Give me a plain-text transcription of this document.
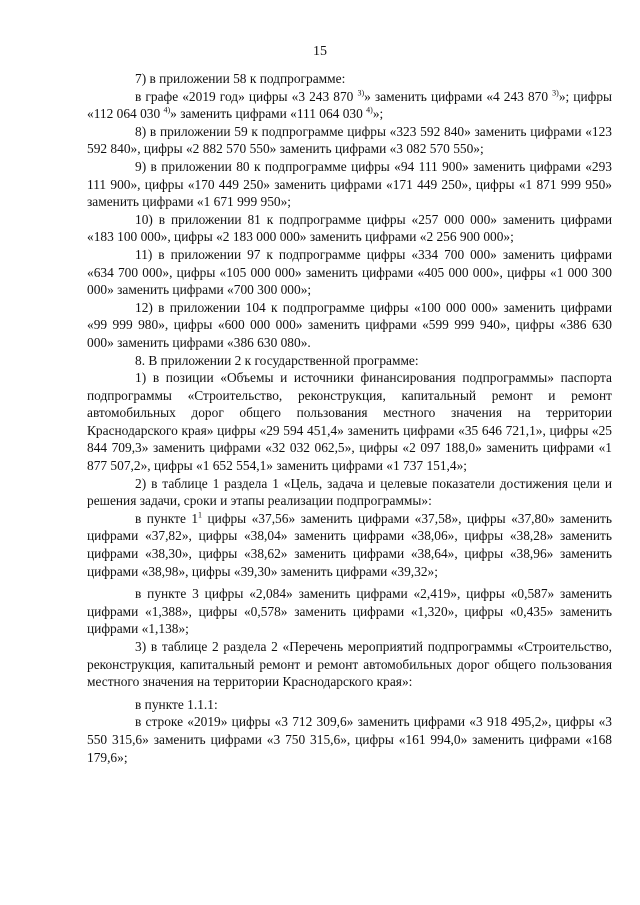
15

7) в приложении 58 к подпрограмме:

в графе «2019 год» цифры «3 243 870 $^{3)}$» заменить цифрами «4 243 870 $^{3)}$»; цифры «112 064 030 $^{4)}$» заменить цифрами «111 064 030 $^{4)}$»;

8) в приложении 59 к подпрограмме цифры «323 592 840» заменить цифрами «123 592 840», цифры «2 882 570 550» заменить цифрами «3 082 570 550»;

9) в приложении 80 к подпрограмме цифры «94 111 900» заменить цифрами «293 111 900», цифры «170 449 250» заменить цифрами «171 449 250», цифры «1 871 999 950» заменить цифрами «1 671 999 950»;

10) в приложении 81 к подпрограмме цифры «257 000 000» заменить цифрами «183 100 000», цифры «2 183 000 000» заменить цифрами «2 256 900 000»;

11) в приложении 97 к подпрограмме цифры «334 700 000» заменить цифрами «634 700 000», цифры «105 000 000» заменить цифрами «405 000 000», цифры «1 000 300 000» заменить цифрами «700 300 000»;

12) в приложении 104 к подпрограмме цифры «100 000 000» заменить цифрами «99 999 980», цифры «600 000 000» заменить цифрами «599 999 940», цифры «386 630 000» заменить цифрами «386 630 080».

8. В приложении 2 к государственной программе:

1) в позиции «Объемы и источники финансирования подпрограммы» паспорта подпрограммы «Строительство, реконструкция, капитальный ремонт и ремонт автомобильных дорог общего пользования местного значения на территории Краснодарского края» цифры «29 594 451,4» заменить цифрами «35 646 721,1», цифры «25 844 709,3» заменить цифрами «32 032 062,5», цифры «2 097 188,0» заменить цифрами «1 877 507,2», цифры «1 652 554,1» заменить цифрами «1 737 151,4»;

2) в таблице 1 раздела 1 «Цель, задача и целевые показатели достижения цели и решения задачи, сроки и этапы реализации подпрограммы»:

в пункте $1^1$ цифры «37,56» заменить цифрами «37,58», цифры «37,80» заменить цифрами «37,82», цифры «38,04» заменить цифрами «38,06», цифры «38,28» заменить цифрами «38,30», цифры «38,62» заменить цифрами «38,64», цифры «38,96» заменить цифрами «38,98», цифры «39,30» заменить цифрами «39,32»;

в пункте 3 цифры «2,084» заменить цифрами «2,419», цифры «0,587» заменить цифрами «1,388», цифры «0,578» заменить цифрами «1,320», цифры «0,435» заменить цифрами «1,138»;

3) в таблице 2 раздела 2 «Перечень мероприятий подпрограммы «Строительство, реконструкция, капитальный ремонт и ремонт автомобильных дорог общего пользования местного значения на территории Краснодарского края»:

в пункте 1.1.1:

в строке «2019» цифры «3 712 309,6» заменить цифрами «3 918 495,2», цифры «3 550 315,6» заменить цифрами «3 750 315,6», цифры «161 994,0» заменить цифрами «168 179,6»;
